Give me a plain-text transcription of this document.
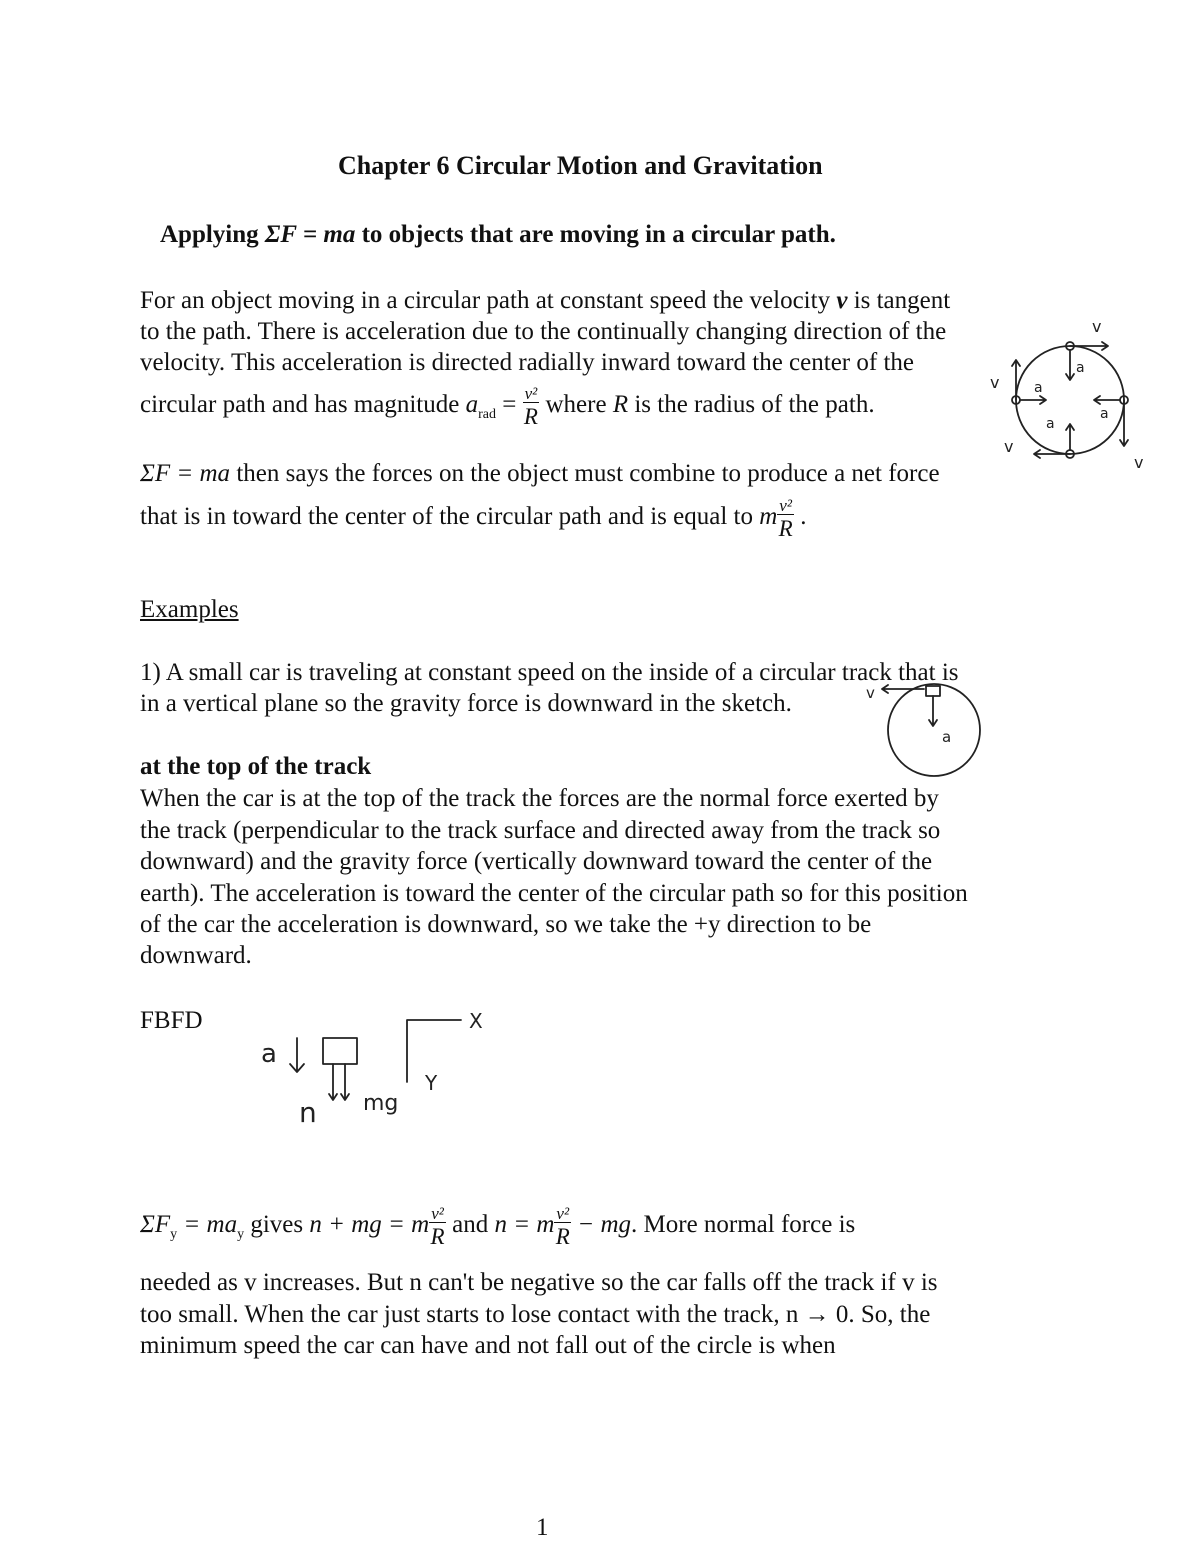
Chapter 6 Circular Motion and Gravitation
Applying ΣF = ma to objects that are moving in a circular path.
For an object moving in a circular path at constant speed the velocity v is tangent
to the path. There is acceleration due to the continually changing direction of the
velocity. This acceleration is directed radially inward toward the center of the
circular path and has magnitude $a_{rad} = \frac{\text{v²}}{R}$ where R is the radius of the path.
ΣF = ma then says the forces on the object must combine to produce a net force
that is in toward the center of the circular path and is equal to m $\frac{\text{v²}}{R}$ .
v
v
v
v
a
a
a
a
Examples
1) A small car is traveling at constant speed on the inside of a circular track that is
in a vertical plane so the gravity force is downward in the sketch.	v
a
at the top of the track
When the car is at the top of the track the forces are the normal force exerted by
the track (perpendicular to the track surface and directed away from the track so
downward) and the gravity force (vertically downward toward the center of the
earth). The acceleration is toward the center of the circular path so for this position
of the car the acceleration is downward, so we take the +y direction to be
downward.
FBFD
a
n mg
X
Y
$\Sigma F_y = ma_y$ gives n + mg = m $\frac{\text{v²}}{R}$ and n = m $\frac{\text{v²}}{R}$ − mg. More normal force is
needed as v increases. But n can't be negative so the car falls off the track if v is
too small. When the car just starts to lose contact with the track, n → 0. So, the
minimum speed the car can have and not fall out of the circle is when
1
